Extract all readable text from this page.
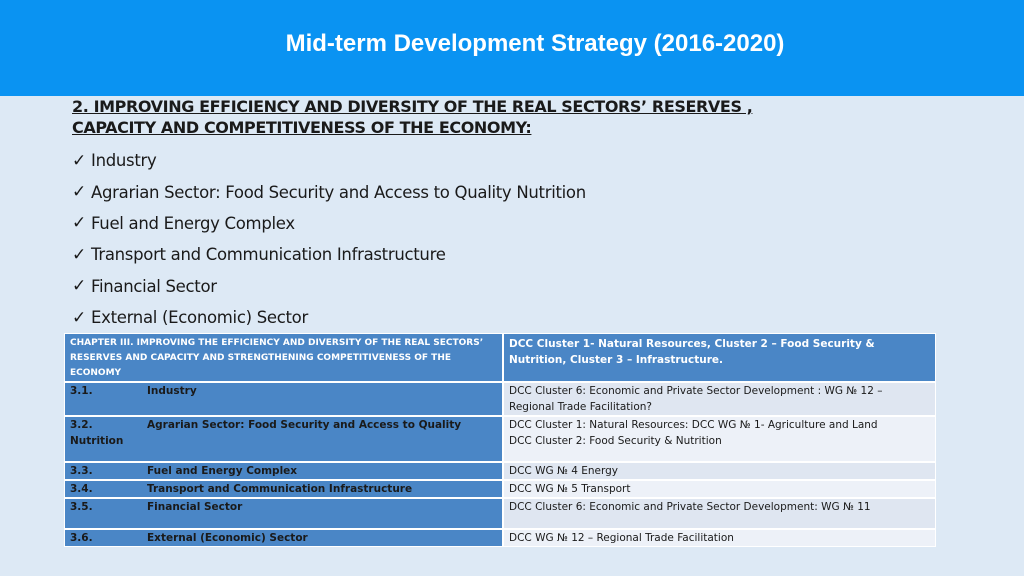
Mid-term Development Strategy (2016-2020)
2. IMPROVING EFFICIENCY AND DIVERSITY OF THE REAL SECTORS’ RESERVES , CAPACITY AND COMPETITIVENESS OF THE ECONOMY:
✓ Industry
✓ Agrarian Sector: Food Security and Access to Quality Nutrition
✓ Fuel and Energy Complex
✓ Transport and Communication Infrastructure
✓ Financial Sector
✓ External (Economic) Sector
CHAPTER III. IMPROVING THE EFFICIENCY AND DIVERSITY OF THE REAL SECTORS’ RESERVES AND CAPACITY AND STRENGTHENING COMPETITIVENESS OF THE ECONOMY	DCC Cluster 1- Natural Resources, Cluster 2 – Food Security & Nutrition, Cluster 3 – Infrastructure.
3.1. Industry	DCC Cluster 6: Economic and Private Sector Development : WG № 12 – Regional Trade Facilitation?

3.2. Agrarian Sector: Food Security and Access to Quality Nutrition	DCC Cluster 1: Natural Resources: DCC WG № 1- Agriculture and Land
DCC Cluster 2: Food Security & Nutrition

3.3. Fuel and Energy Complex	DCC WG № 4 Energy

3.4. Transport and Communication Infrastructure	DCC WG № 5 Transport

3.5. Financial Sector	DCC Cluster 6: Economic and Private Sector Development: WG № 11

3.6. External (Economic) Sector	DCC WG № 12 – Regional Trade Facilitation
